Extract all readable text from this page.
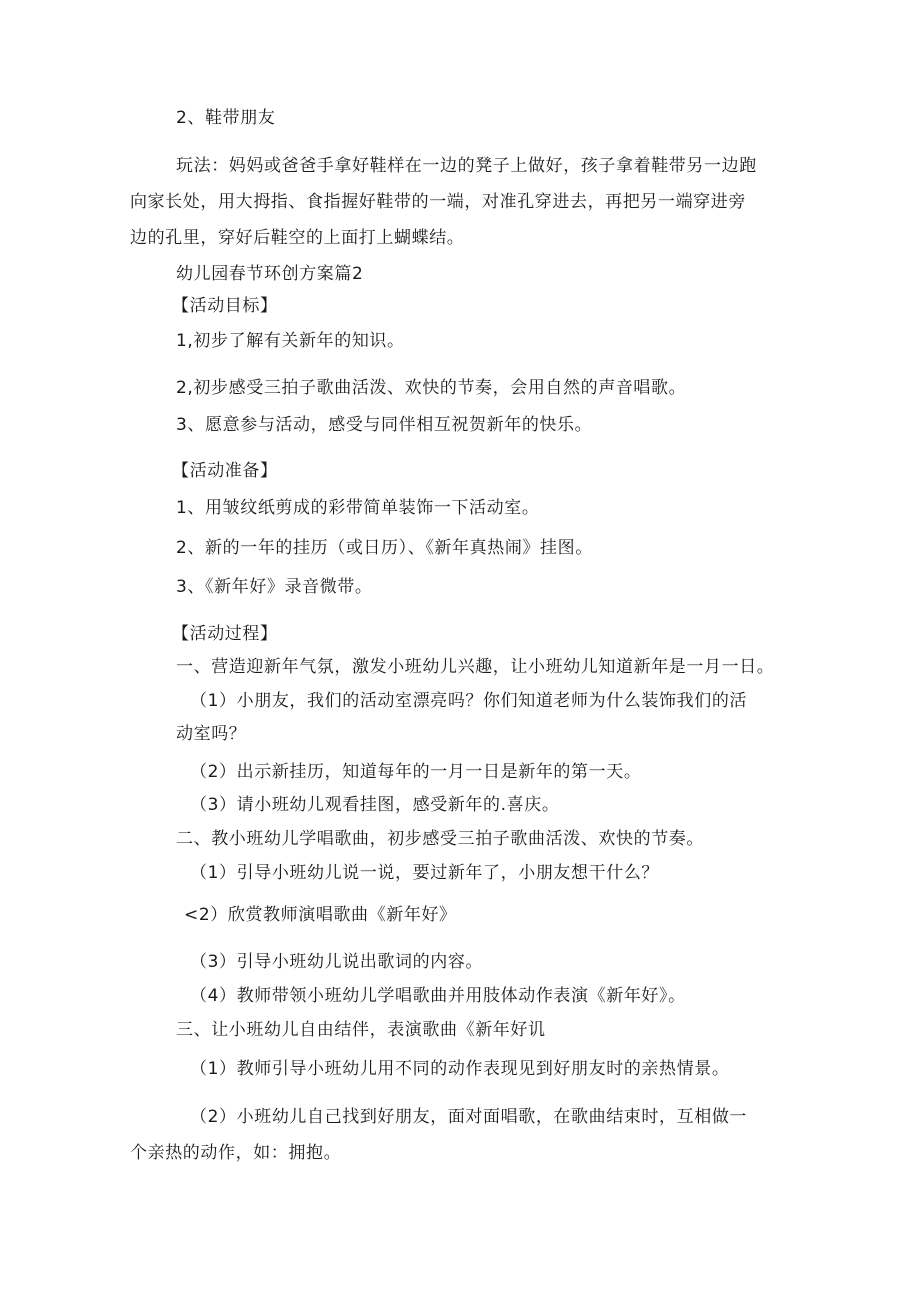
2、鞋带朋友
玩法：妈妈或爸爸手拿好鞋样在一边的凳子上做好，孩子拿着鞋带另一边跑
向家长处，用大拇指、食指握好鞋带的一端，对准孔穿进去，再把另一端穿进旁
边的孔里，穿好后鞋空的上面打上蝴蝶结。
幼儿园春节环创方案篇2
【活动目标】
1,初步了解有关新年的知识。
2,初步感受三拍子歌曲活泼、欢快的节奏，会用自然的声音唱歌。
3、愿意参与活动，感受与同伴相互祝贺新年的快乐。
【活动准备】
1、用皱纹纸剪成的彩带简单装饰一下活动室。
2、新的一年的挂历（或日历）、《新年真热闹》挂图。
3、《新年好》录音微带。
【活动过程】
一、营造迎新年气氛，激发小班幼儿兴趣，让小班幼儿知道新年是一月一日。
（1）小朋友，我们的活动室漂亮吗？你们知道老师为什么装饰我们的活
动室吗？
（2）出示新挂历，知道每年的一月一日是新年的第一天。
（3）请小班幼儿观看挂图，感受新年的.喜庆。
二、教小班幼儿学唱歌曲，初步感受三拍子歌曲活泼、欢快的节奏。
（1）引导小班幼儿说一说，要过新年了，小朋友想干什么？
<2）欣赏教师演唱歌曲《新年好》
（3）引导小班幼儿说出歌词的内容。
（4）教师带领小班幼儿学唱歌曲并用肢体动作表演《新年好》。
三、让小班幼儿自由结伴，表演歌曲《新年好讥
（1）教师引导小班幼儿用不同的动作表现见到好朋友时的亲热情景。
（2）小班幼儿自己找到好朋友，面对面唱歌，在歌曲结束时，互相做一
个亲热的动作，如：拥抱。
